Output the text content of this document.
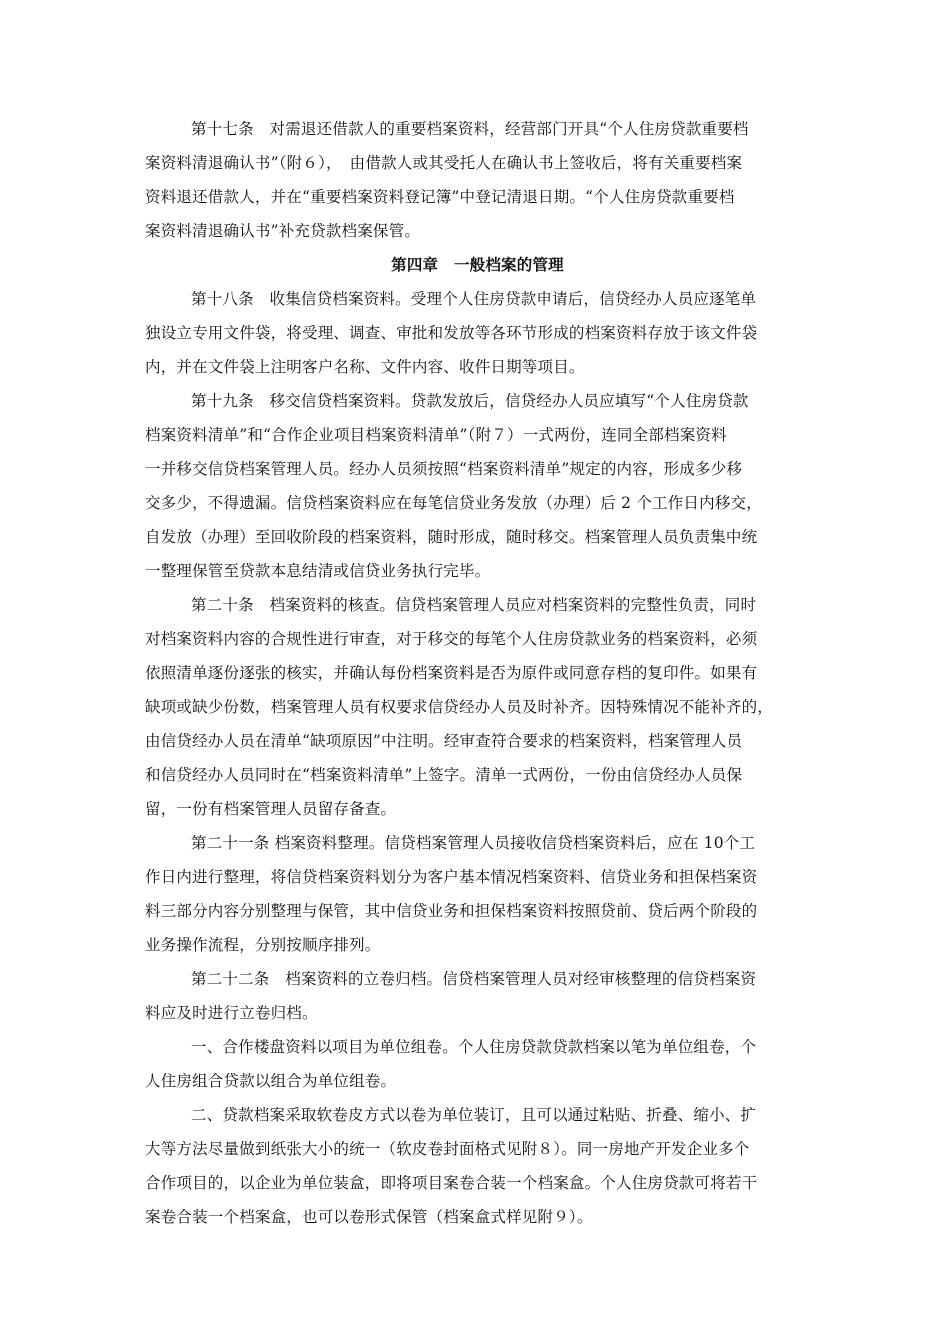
第十七条　对需退还借款人的重要档案资料，经营部门开具“个人住房贷款重要档
案资料清退确认书”（附６），　由借款人或其受托人在确认书上签收后，将有关重要档案
资料退还借款人，并在“重要档案资料登记簿”中登记清退日期。“个人住房贷款重要档
案资料清退确认书”补充贷款档案保管。
第四章　一般档案的管理
第十八条　收集信贷档案资料。受理个人住房贷款申请后，信贷经办人员应逐笔单
独设立专用文件袋，将受理、调查、审批和发放等各环节形成的档案资料存放于该文件袋
内，并在文件袋上注明客户名称、文件内容、收件日期等项目。
第十九条　移交信贷档案资料。贷款发放后，信贷经办人员应填写“个人住房贷款
档案资料清单”和“合作企业项目档案资料清单”（附７）一式两份，连同全部档案资料
一并移交信贷档案管理人员。经办人员须按照“档案资料清单”规定的内容，形成多少移
交多少，不得遗漏。信贷档案资料应在每笔信贷业务发放（办理）后 2 个工作日内移交，
自发放（办理）至回收阶段的档案资料，随时形成，随时移交。档案管理人员负责集中统
一整理保管至贷款本息结清或信贷业务执行完毕。
第二十条　档案资料的核查。信贷档案管理人员应对档案资料的完整性负责，同时
对档案资料内容的合规性进行审查，对于移交的每笔个人住房贷款业务的档案资料，必须
依照清单逐份逐张的核实，并确认每份档案资料是否为原件或同意存档的复印件。如果有
缺项或缺少份数，档案管理人员有权要求信贷经办人员及时补齐。因特殊情况不能补齐的，
由信贷经办人员在清单“缺项原因”中注明。经审查符合要求的档案资料，档案管理人员
和信贷经办人员同时在“档案资料清单”上签字。清单一式两份，一份由信贷经办人员保
留，一份有档案管理人员留存备查。
第二十一条 档案资料整理。信贷档案管理人员接收信贷档案资料后，应在 10个工
作日内进行整理，将信贷档案资料划分为客户基本情况档案资料、信贷业务和担保档案资
料三部分内容分别整理与保管，其中信贷业务和担保档案资料按照贷前、贷后两个阶段的
业务操作流程，分别按顺序排列。
第二十二条　档案资料的立卷归档。信贷档案管理人员对经审核整理的信贷档案资
料应及时进行立卷归档。
一、合作楼盘资料以项目为单位组卷。个人住房贷款贷款档案以笔为单位组卷，个
人住房组合贷款以组合为单位组卷。
二、贷款档案采取软卷皮方式以卷为单位装订，且可以通过粘贴、折叠、缩小、扩
大等方法尽量做到纸张大小的统一（软皮卷封面格式见附８）。同一房地产开发企业多个
合作项目的，以企业为单位装盒，即将项目案卷合装一个档案盒。个人住房贷款可将若干
案卷合装一个档案盒，也可以卷形式保管（档案盒式样见附９）。
